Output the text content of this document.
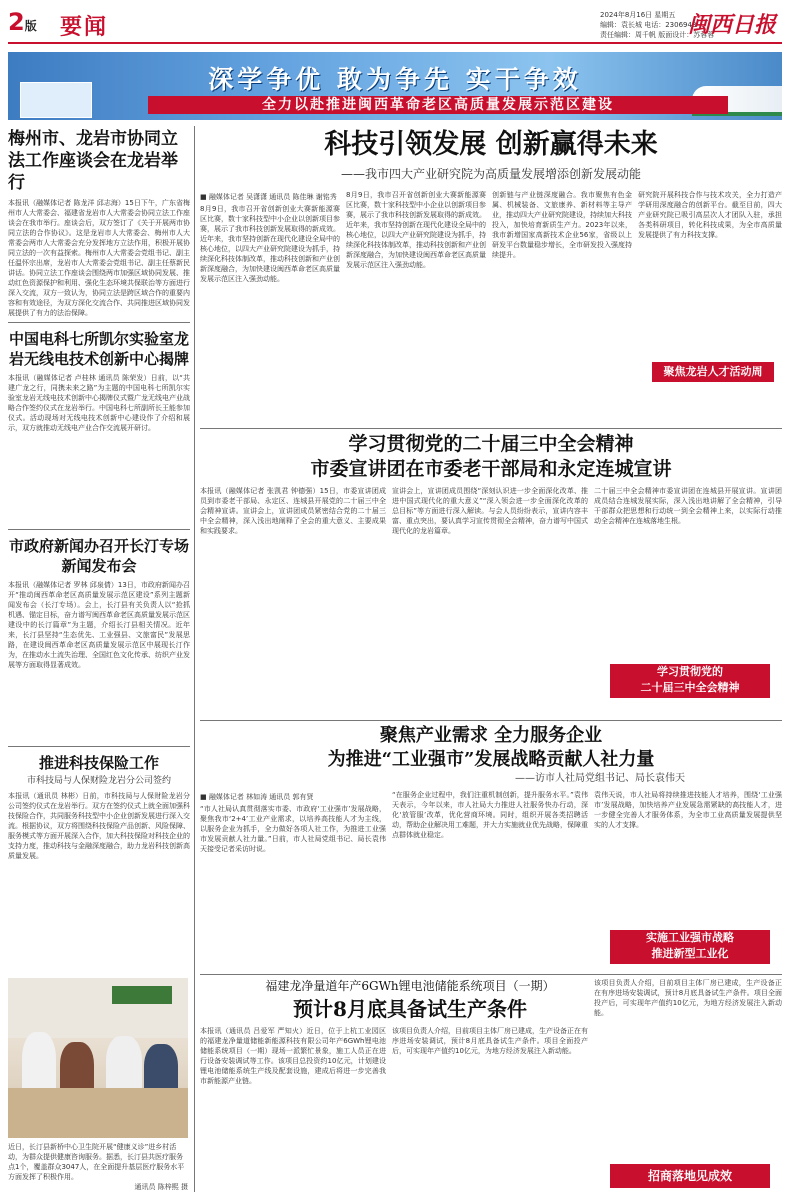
2版 要闻	2024年8月16日 星期五
编辑：袁长城 电话：2306943
责任编辑：周千帆 版面设计：苏蓉蓉
闽西日报
深学争优 敢为争先 实干争效
全力以赴推进闽西革命老区高质量发展示范区建设
梅州市、龙岩市协同立法工作座谈会在龙岩举行
本报讯（融媒体记者 陈龙洋 邱志海）15日下午，广东省梅州市人大常委会、福建省龙岩市人大常委会协同立法工作座谈会在我市举行。座谈会后，双方签订了《关于开展两市协同立法的合作协议》。这是龙岩市人大常委会、梅州市人大常委会两市人大常委会充分发挥地方立法作用，积极开展协同立法的一次有益探索。梅州市人大常委会党组书记、副主任温怀宗出席，龙岩市人大常委会党组书记、副主任蔡新民讲话。协同立法工作座谈会围绕两市加强区域协同发展、推动红色资源保护和利用、强化生态环境共保联治等方面进行深入交流，双方一致认为，协同立法是跨区域合作的重要内容和有效途径，为双方深化交流合作、共同推进区域协同发展提供了有力的法治保障。
中国电科七所凯尔实验室龙岩无线电技术创新中心揭牌
本报讯（融媒体记者 卢桂林 通讯员 陈荣发）日前，以“共建广龙之行，同携未来之路”为主题的中国电科七所凯尔实验室龙岩无线电技术创新中心揭牌仪式暨广龙无线电产业战略合作签约仪式在龙岩举行。中国电科七所副所长王能参加仪式。活动现场对无线电技术创新中心建设作了介绍和展示，双方就推动无线电产业合作交流展开研讨。
市政府新闻办召开长汀专场新闻发布会
本报讯（融媒体记者 罗林 邱泉倩）13日，市政府新闻办召开“推动闽西革命老区高质量发展示范区建设”系列主题新闻发布会（长汀专场）。会上，长汀县有关负责人以“抢抓机遇、锚定目标，奋力谱写闽西革命老区高质量发展示范区建设中的长汀篇章”为主题，介绍长汀县相关情况。近年来，长汀县坚持“生态优先、工业强县、文旅富民”发展思路，在建设闽西革命老区高质量发展示范区中展现长汀作为，在推动水土流失治理、全国红色文化传承、纺织产业发展等方面取得显著成效。
推进科技保险工作
市科技局与人保财险龙岩分公司签约
本报讯（通讯员 林彬）日前，市科技局与人保财险龙岩分公司签约仪式在龙岩举行。双方在签约仪式上就全面加强科技保险合作，共同服务科技型中小企业创新发展进行深入交流。根据协议，双方将围绕科技保险产品创新、风险保障、服务模式等方面开展深入合作，加大科技保险对科技企业的支持力度，推动科技与金融深度融合，助力龙岩科技创新高质量发展。
近日，长汀县新桥中心卫生院开展“健康义诊”进乡村活动，为群众提供健康咨询服务。据悉，长汀县共医疗服务点1个，覆盖群众3047人，在全面提升基层医疗服务水平方面发挥了积极作用。
通讯员 陈梓熙 摄
科技引领发展 创新赢得未来
——我市四大产业研究院为高质量发展增添创新发展动能
■ 融媒体记者 吴潇潇 通讯员 陈佳琳 谢铭秀
8月9日，我市召开省创新创业大赛新能源赛区比赛，数十家科技型中小企业以创新项目参赛，展示了我市科技创新发展取得的新成效。近年来，我市坚持创新在现代化建设全局中的核心地位，以四大产业研究院建设为抓手，持续深化科技体制改革，推动科技创新和产业创新深度融合，为加快建设闽西革命老区高质量发展示范区注入强劲动能。
8月9日，我市召开省创新创业大赛新能源赛区比赛，数十家科技型中小企业以创新项目参赛，展示了我市科技创新发展取得的新成效。近年来，我市坚持创新在现代化建设全局中的核心地位，以四大产业研究院建设为抓手，持续深化科技体制改革，推动科技创新和产业创新深度融合，为加快建设闽西革命老区高质量发展示范区注入强劲动能。
创新链与产业链深度融合。我市聚焦有色金属、机械装备、文旅康养、新材料等主导产业，推动四大产业研究院建设，持续加大科技投入，加快培育新质生产力。2023年以来，我市新增国家高新技术企业56家，省级以上研发平台数量稳步增长，全市研发投入强度持续提升。
研究院开展科技合作与技术攻关，全力打造产学研用深度融合的创新平台。截至目前，四大产业研究院已吸引高层次人才团队入驻，承担各类科研项目，转化科技成果，为全市高质量发展提供了有力科技支撑。
聚焦龙岩人才活动周
学习贯彻党的二十届三中全会精神
市委宣讲团在市委老干部局和永定连城宣讲
本报讯（融媒体记者 张凯君 钟德强）15日，市委宣讲团成员到市委老干部局、永定区、连城县开展党的二十届三中全会精神宣讲。宣讲会上，宣讲团成员紧密结合党的二十届三中全会精神，深入浅出地阐释了全会的重大意义、主要成果和实践要求。
宣讲会上，宣讲团成员围绕“深刻认识进一步全面深化改革、推进中国式现代化的重大意义”“深入领会进一步全面深化改革的总目标”等方面进行深入解读。与会人员纷纷表示，宣讲内容丰富、重点突出，要认真学习宣传贯彻全会精神，奋力谱写中国式现代化的龙岩篇章。
二十届三中全会精神市委宣讲团在连城县开展宣讲。宣讲团成员结合连城发展实际，深入浅出地讲解了全会精神，引导干部群众把思想和行动统一到全会精神上来，以实际行动推动全会精神在连城落地生根。
学习贯彻党的
二十届三中全会精神
聚焦产业需求 全力服务企业
为推进“工业强市”发展战略贡献人社力量
——访市人社局党组书记、局长袁伟天
■ 融媒体记者 林如涛 通讯员 郭有贤
“市人社局认真贯彻落实市委、市政府‘工业强市’发展战略，聚焦我市‘2+4’工业产业需求，以培养高技能人才为主线，以服务企业为抓手，全力做好各项人社工作，为推进工业强市发展贡献人社力量。”日前，市人社局党组书记、局长袁伟天接受记者采访时说。
“在服务企业过程中，我们注重机制创新，提升服务水平。”袁伟天表示，今年以来，市人社局大力推进人社服务快办行动，深化‘放管服’改革，优化营商环境。同时，组织开展各类招聘活动，帮助企业解决用工难题，并大力实施就业优先战略，保障重点群体就业稳定。
袁伟天说，市人社局将持续推进技能人才培养，围绕‘工业强市’发展战略，加快培养产业发展急需紧缺的高技能人才，进一步健全完善人才服务体系，为全市工业高质量发展提供坚实的人才支撑。
实施工业强市战略
推进新型工业化
福建龙净量道年产6GWh锂电池储能系统项目（一期）
预计8月底具备试生产条件
本报讯（通讯员 吕爱军 严知火）近日，位于上杭工业园区的福建龙净量道储能新能源科技有限公司年产6GWh锂电池储能系统项目（一期）现场一派繁忙景象，施工人员正在进行设备安装调试等工作。该项目总投资约10亿元，计划建设锂电池储能系统生产线及配套设施，建成后将进一步完善我市新能源产业链。
该项目负责人介绍，目前项目主体厂房已建成，生产设备正在有序进场安装调试，预计8月底具备试生产条件。项目全面投产后，可实现年产值约10亿元，为地方经济发展注入新动能。
该项目负责人介绍，目前项目主体厂房已建成，生产设备正在有序进场安装调试，预计8月底具备试生产条件。项目全面投产后，可实现年产值约10亿元，为地方经济发展注入新动能。
招商落地见成效
